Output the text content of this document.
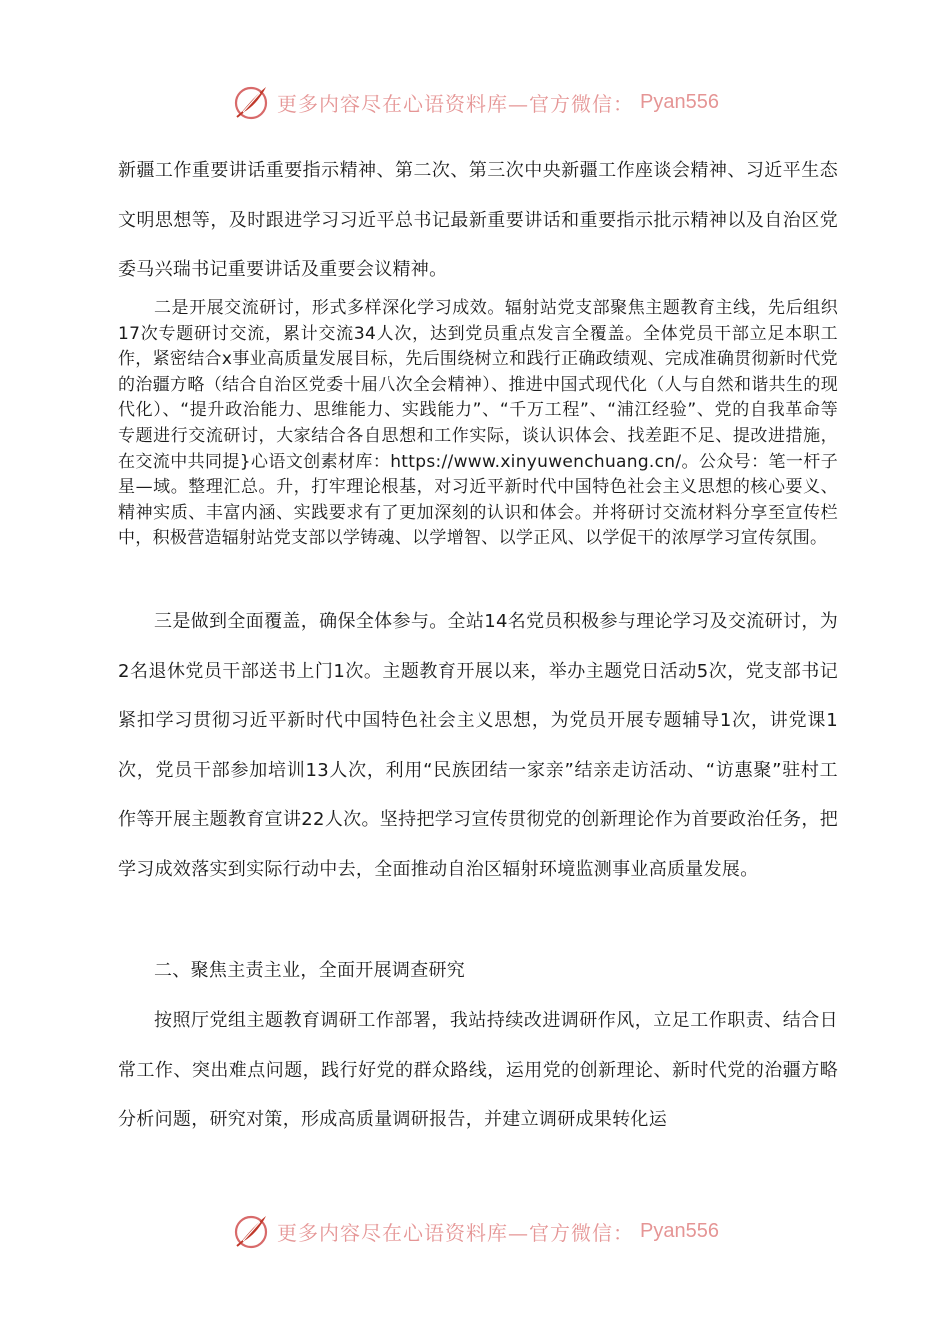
更多内容尽在心语资料库—官方微信： Pyan556

新疆工作重要讲话重要指示精神、第二次、第三次中央新疆工作座谈会精神、习近平生态文明思想等，及时跟进学习习近平总书记最新重要讲话和重要指示批示精神以及自治区党委马兴瑞书记重要讲话及重要会议精神。

二是开展交流研讨，形式多样深化学习成效。辐射站党支部聚焦主题教育主线，先后组织17次专题研讨交流，累计交流34人次，达到党员重点发言全覆盖。全体党员干部立足本职工作，紧密结合x事业高质量发展目标，先后围绕树立和践行正确政绩观、完成准确贯彻新时代党的治疆方略（结合自治区党委十届八次全会精神）、推进中国式现代化（人与自然和谐共生的现代化）、“提升政治能力、思维能力、实践能力”、“千万工程”、“浦江经验”、党的自我革命等专题进行交流研讨，大家结合各自思想和工作实际，谈认识体会、找差距不足、提改进措施，在交流中共同提}心语文创素材库：https://www.xinyuwenchuang.cn/。公众号：笔一杆子星—域。整理汇总。升，打牢理论根基，对习近平新时代中国特色社会主义思想的核心要义、精神实质、丰富内涵、实践要求有了更加深刻的认识和体会。并将研讨交流材料分享至宣传栏中，积极营造辐射站党支部以学铸魂、以学增智、以学正风、以学促干的浓厚学习宣传氛围。

三是做到全面覆盖，确保全体参与。全站14名党员积极参与理论学习及交流研讨，为2名退休党员干部送书上门1次。主题教育开展以来，举办主题党日活动5次，党支部书记紧扣学习贯彻习近平新时代中国特色社会主义思想，为党员开展专题辅导1次，讲党课1次，党员干部参加培训13人次，利用“民族团结一家亲”结亲走访活动、“访惠聚”驻村工作等开展主题教育宣讲22人次。坚持把学习宣传贯彻党的创新理论作为首要政治任务，把学习成效落实到实际行动中去，全面推动自治区辐射环境监测事业高质量发展。

二、聚焦主责主业，全面开展调查研究

按照厅党组主题教育调研工作部署，我站持续改进调研作风，立足工作职责、结合日常工作、突出难点问题，践行好党的群众路线，运用党的创新理论、新时代党的治疆方略分析问题，研究对策，形成高质量调研报告，并建立调研成果转化运

更多内容尽在心语资料库—官方微信： Pyan556
